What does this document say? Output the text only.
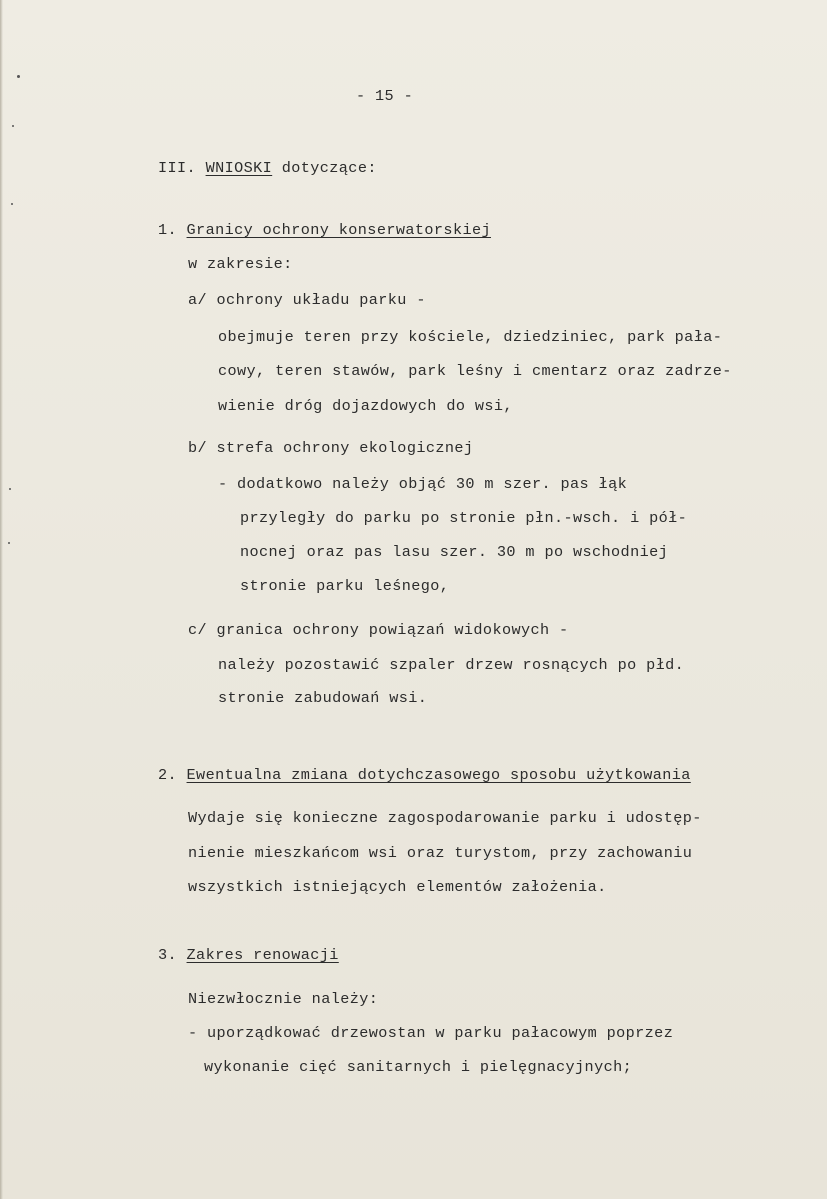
- 15 -
III. WNIOSKI dotyczące:
1. Granicy ochrony konserwatorskiej
w zakresie:
a/ ochrony układu parku -
obejmuje teren przy kościele, dziedziniec, park pała-
cowy, teren stawów, park leśny i cmentarz oraz zadrze-
wienie dróg dojazdowych do wsi,
b/ strefa ochrony ekologicznej
- dodatkowo należy objąć 30 m szer. pas łąk
przyległy do parku po stronie płn.-wsch. i pół-
nocnej oraz pas lasu szer. 30 m po wschodniej
stronie parku leśnego,
c/ granica ochrony powiązań widokowych -
należy pozostawić szpaler drzew rosnących po płd.
stronie zabudowań wsi.
2. Ewentualna zmiana dotychczasowego sposobu użytkowania
Wydaje się konieczne zagospodarowanie parku i udostęp-
nienie mieszkańcom wsi oraz turystom, przy zachowaniu
wszystkich istniejących elementów założenia.
3. Zakres renowacji
Niezwłocznie należy:
- uporządkować drzewostan w parku pałacowym poprzez
wykonanie cięć sanitarnych i pielęgnacyjnych;
